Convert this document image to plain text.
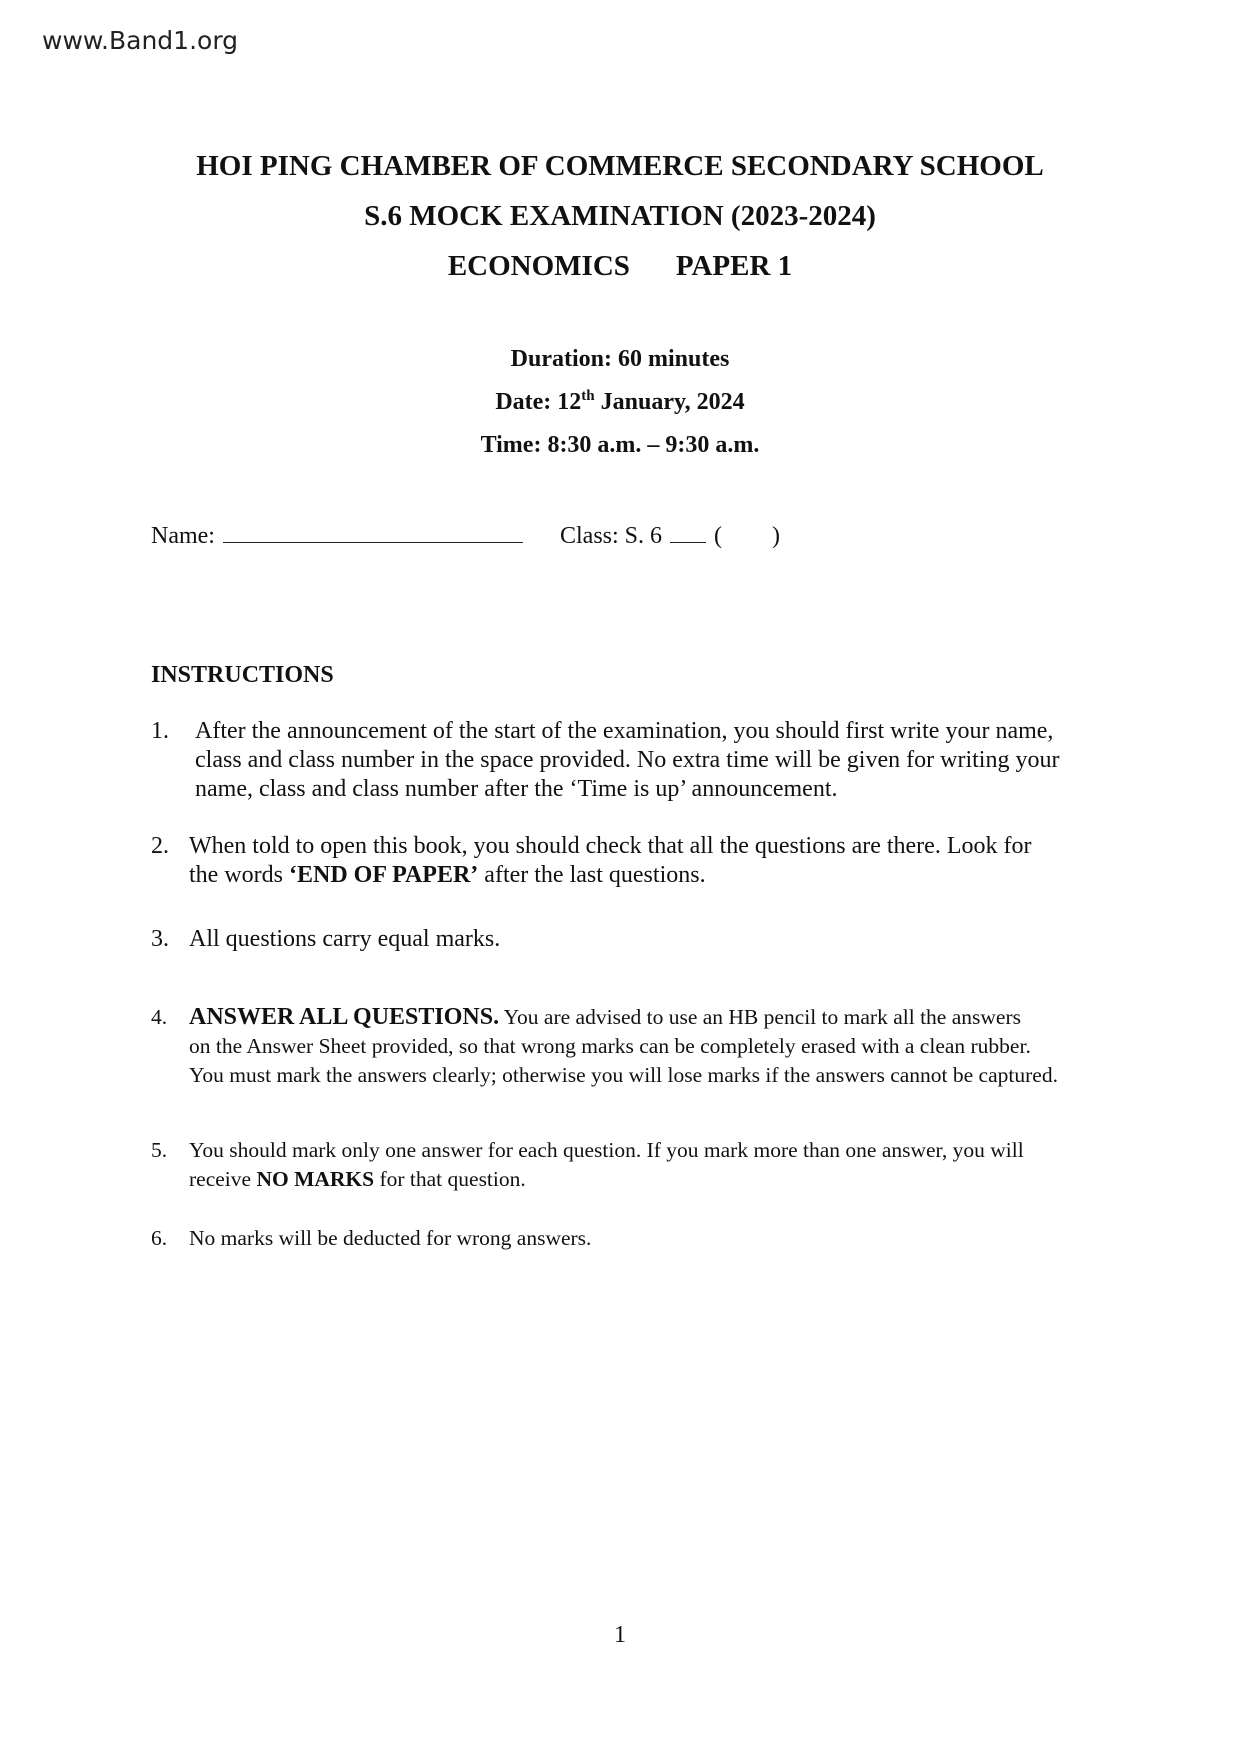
www.Band1.org
HOI PING CHAMBER OF COMMERCE SECONDARY SCHOOL
S.6 MOCK EXAMINATION (2023-2024)
ECONOMICS PAPER 1
Duration: 60 minutes
Date: 12th January, 2024
Time: 8:30 a.m. – 9:30 a.m.
Name:	Class: S. 6 ( )
INSTRUCTIONS
1. After the announcement of the start of the examination, you should first write your name,
class and class number in the space provided. No extra time will be given for writing your
name, class and class number after the ‘Time is up’ announcement.
2. When told to open this book, you should check that all the questions are there. Look for
the words ‘END OF PAPER’ after the last questions.
3. All questions carry equal marks.
4. ANSWER ALL QUESTIONS. You are advised to use an HB pencil to mark all the answers
on the Answer Sheet provided, so that wrong marks can be completely erased with a clean rubber.
You must mark the answers clearly; otherwise you will lose marks if the answers cannot be captured.
5. You should mark only one answer for each question. If you mark more than one answer, you will
receive NO MARKS for that question.
6. No marks will be deducted for wrong answers.
1
